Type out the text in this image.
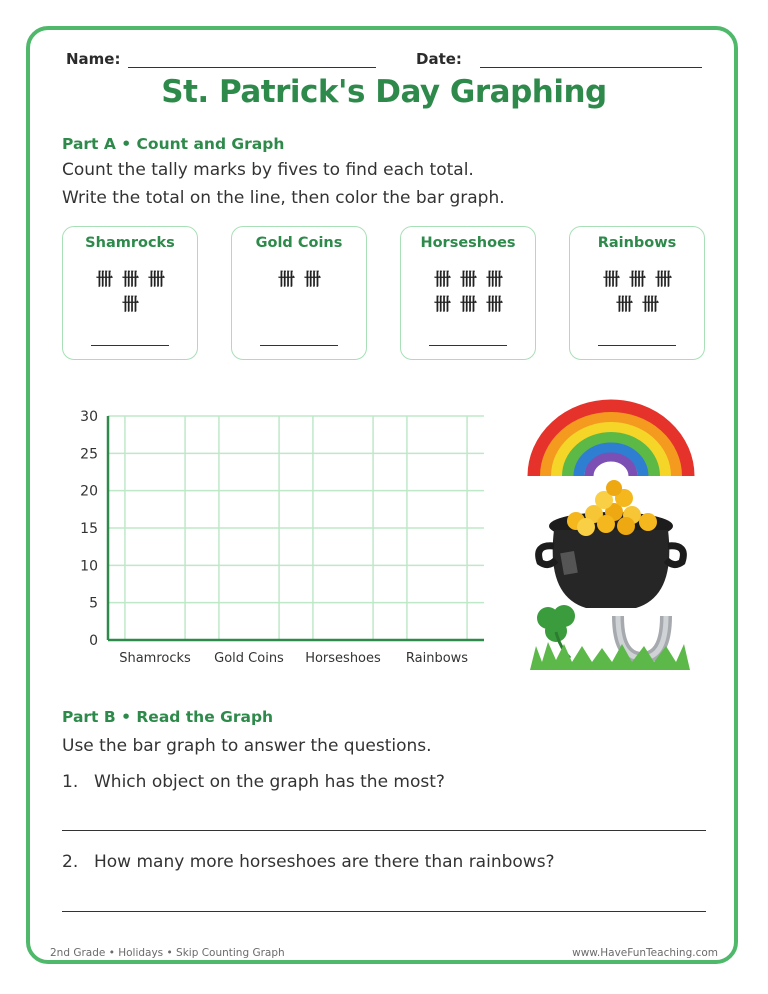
Name:	Date:
St. Patrick's Day Graphing
Part A • Count and Graph
Count the tally marks by fives to find each total.
Write the total on the line, then color the bar graph.
Shamrocks
卌 卌 卌
卌
Gold Coins
卌 卌
Horseshoes
卌 卌 卌
卌 卌 卌
Rainbows
卌 卌 卌
卌 卌
0
5
10
15
20
25
30
Shamrocks Gold Coins Horseshoes Rainbows
Part B • Read the Graph
Use the bar graph to answer the questions.
1. Which object on the graph has the most?
2. How many more horseshoes are there than rainbows?
2nd Grade • Holidays • Skip Counting Graph	www.HaveFunTeaching.com
